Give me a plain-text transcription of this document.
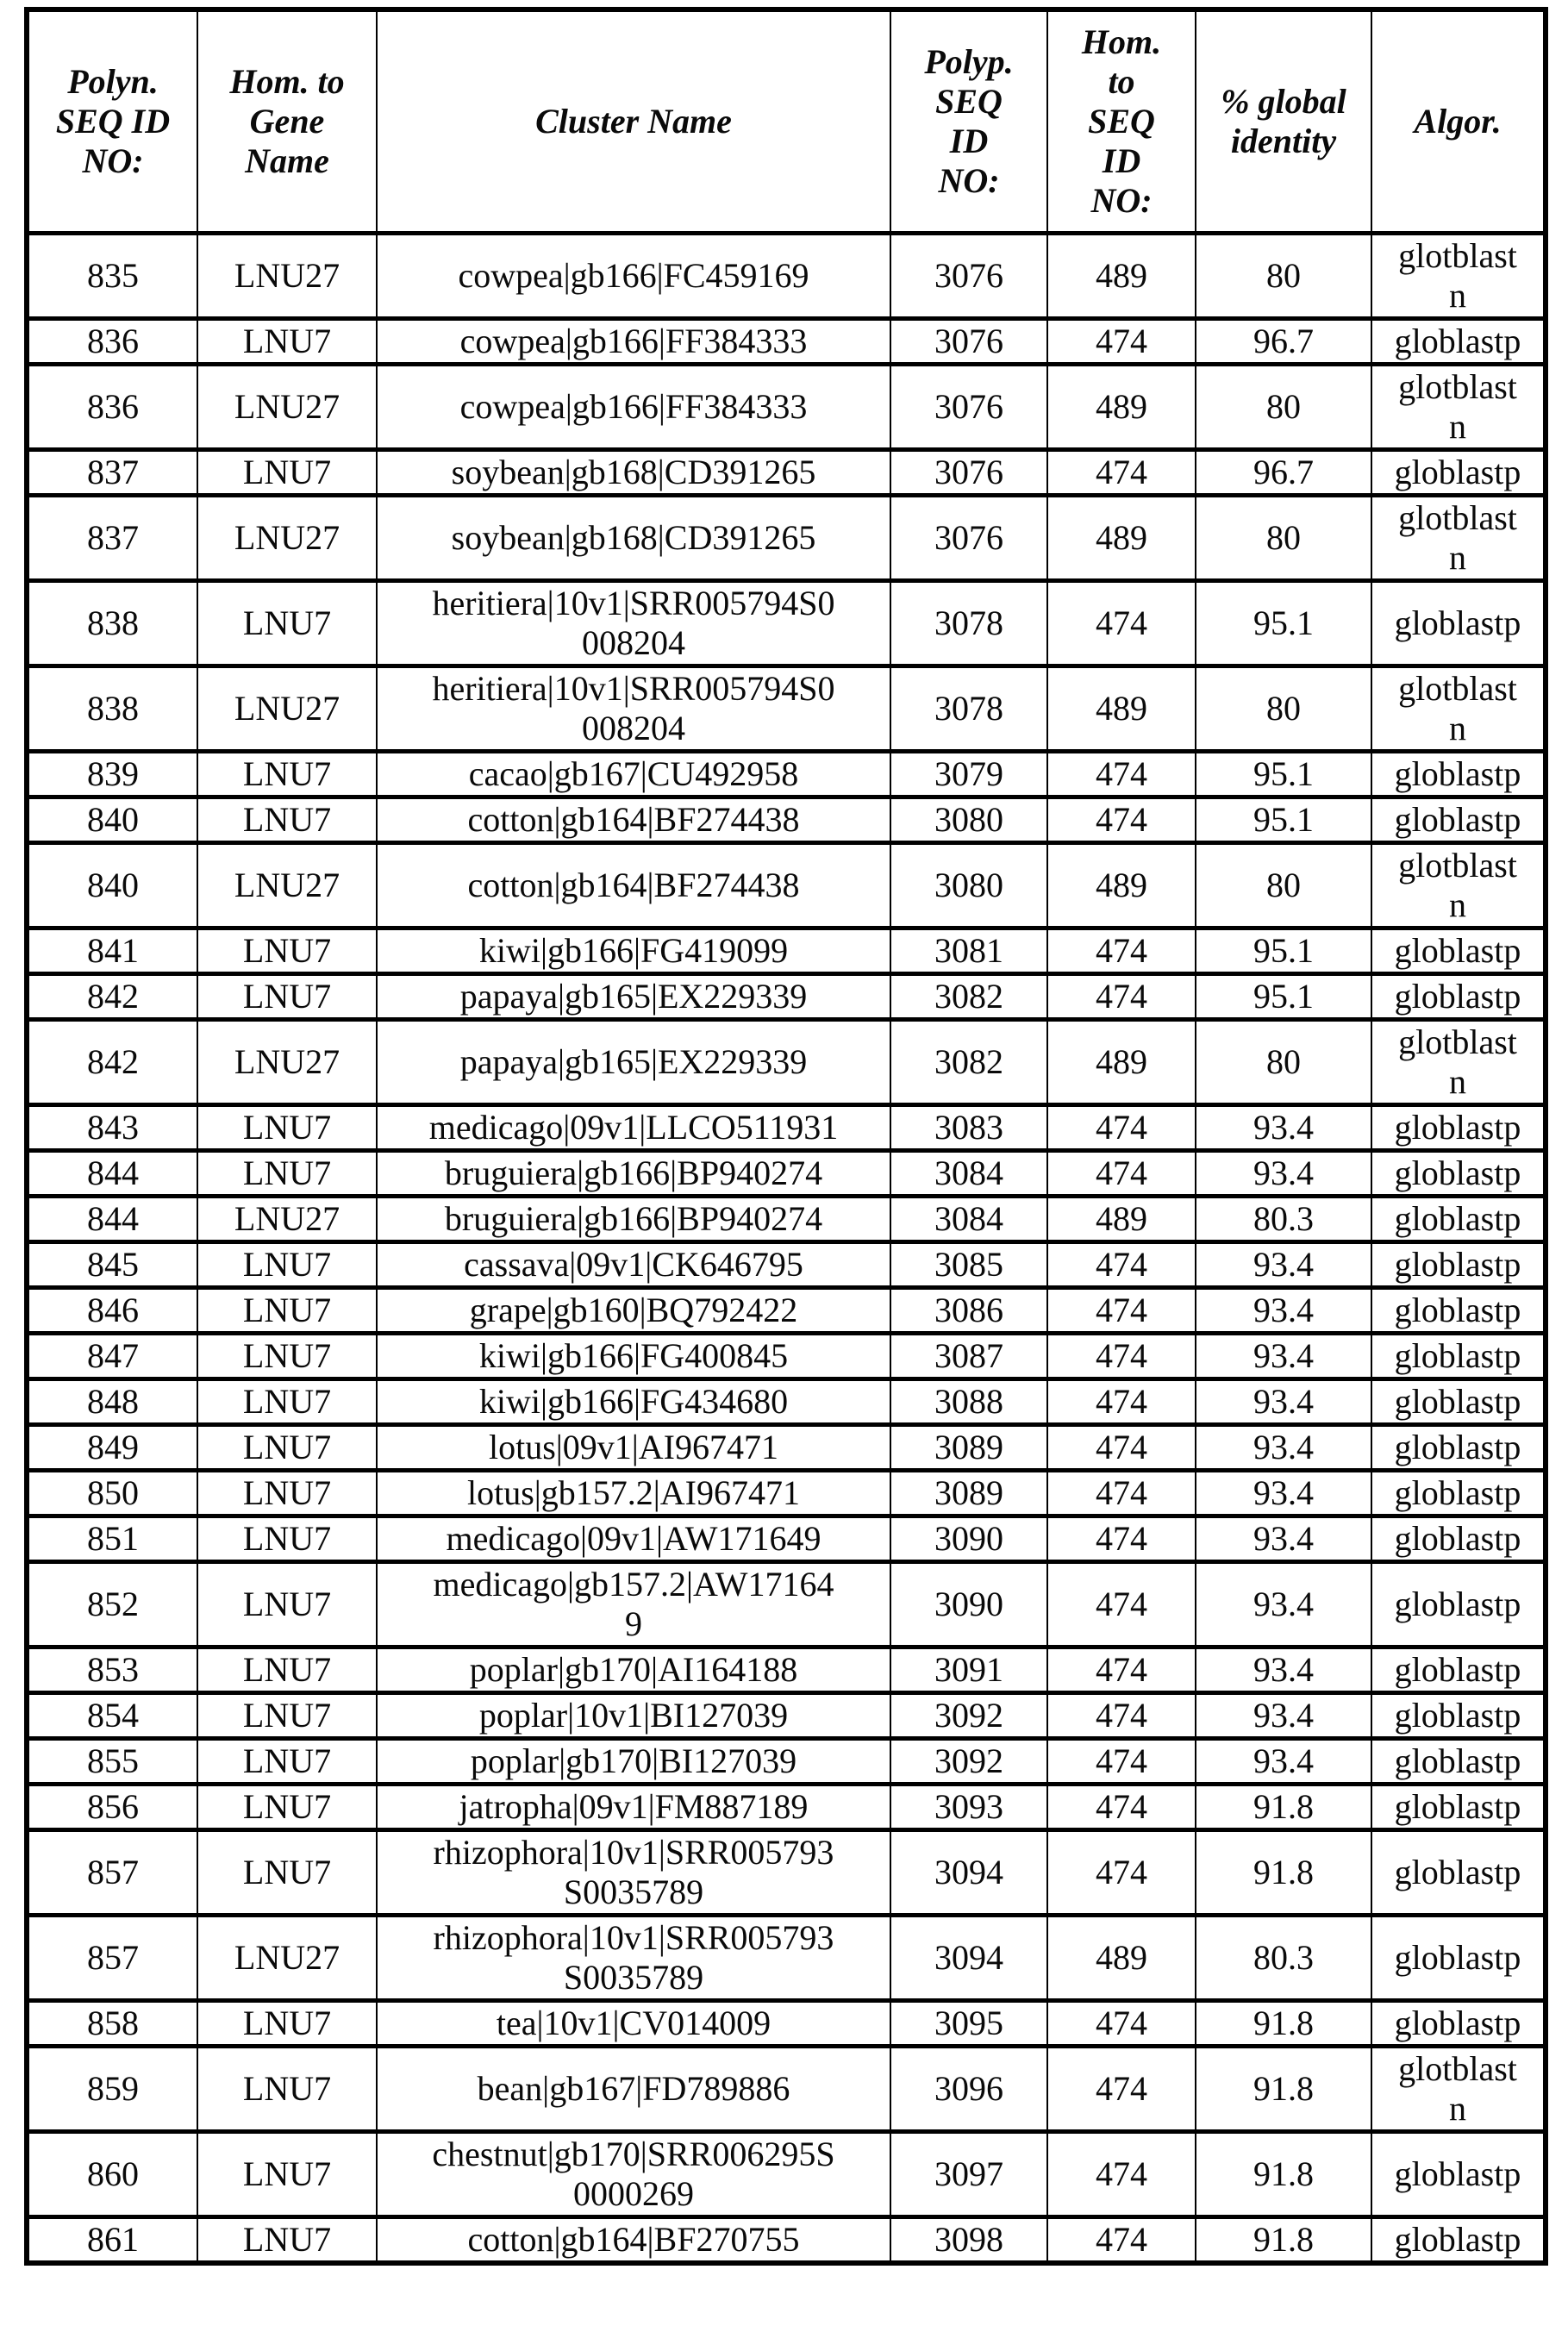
Polyn. SEQ ID NO:	Hom. to Gene Name	Cluster Name	Polyp. SEQ ID NO:	Hom. to SEQ ID NO:	% global identity	Algor.
835	LNU27	cowpea|gb166|FC459169	3076	489	80	glotblastn
836	LNU7	cowpea|gb166|FF384333	3076	474	96.7	globlastp
836	LNU27	cowpea|gb166|FF384333	3076	489	80	glotblastn
837	LNU7	soybean|gb168|CD391265	3076	474	96.7	globlastp
837	LNU27	soybean|gb168|CD391265	3076	489	80	glotblastn
838	LNU7	heritiera|10v1|SRR005794S0008204	3078	474	95.1	globlastp
838	LNU27	heritiera|10v1|SRR005794S0008204	3078	489	80	glotblastn
839	LNU7	cacao|gb167|CU492958	3079	474	95.1	globlastp
840	LNU7	cotton|gb164|BF274438	3080	474	95.1	globlastp
840	LNU27	cotton|gb164|BF274438	3080	489	80	glotblastn
841	LNU7	kiwi|gb166|FG419099	3081	474	95.1	globlastp
842	LNU7	papaya|gb165|EX229339	3082	474	95.1	globlastp
842	LNU27	papaya|gb165|EX229339	3082	489	80	glotblastn
843	LNU7	medicago|09v1|LLCO511931	3083	474	93.4	globlastp
844	LNU7	bruguiera|gb166|BP940274	3084	474	93.4	globlastp
844	LNU27	bruguiera|gb166|BP940274	3084	489	80.3	globlastp
845	LNU7	cassava|09v1|CK646795	3085	474	93.4	globlastp
846	LNU7	grape|gb160|BQ792422	3086	474	93.4	globlastp
847	LNU7	kiwi|gb166|FG400845	3087	474	93.4	globlastp
848	LNU7	kiwi|gb166|FG434680	3088	474	93.4	globlastp
849	LNU7	lotus|09v1|AI967471	3089	474	93.4	globlastp
850	LNU7	lotus|gb157.2|AI967471	3089	474	93.4	globlastp
851	LNU7	medicago|09v1|AW171649	3090	474	93.4	globlastp
852	LNU7	medicago|gb157.2|AW171649	3090	474	93.4	globlastp
853	LNU7	poplar|gb170|AI164188	3091	474	93.4	globlastp
854	LNU7	poplar|10v1|BI127039	3092	474	93.4	globlastp
855	LNU7	poplar|gb170|BI127039	3092	474	93.4	globlastp
856	LNU7	jatropha|09v1|FM887189	3093	474	91.8	globlastp
857	LNU7	rhizophora|10v1|SRR005793S0035789	3094	474	91.8	globlastp
857	LNU27	rhizophora|10v1|SRR005793S0035789	3094	489	80.3	globlastp
858	LNU7	tea|10v1|CV014009	3095	474	91.8	globlastp
859	LNU7	bean|gb167|FD789886	3096	474	91.8	glotblastn
860	LNU7	chestnut|gb170|SRR006295S0000269	3097	474	91.8	globlastp
861	LNU7	cotton|gb164|BF270755	3098	474	91.8	globlastp
